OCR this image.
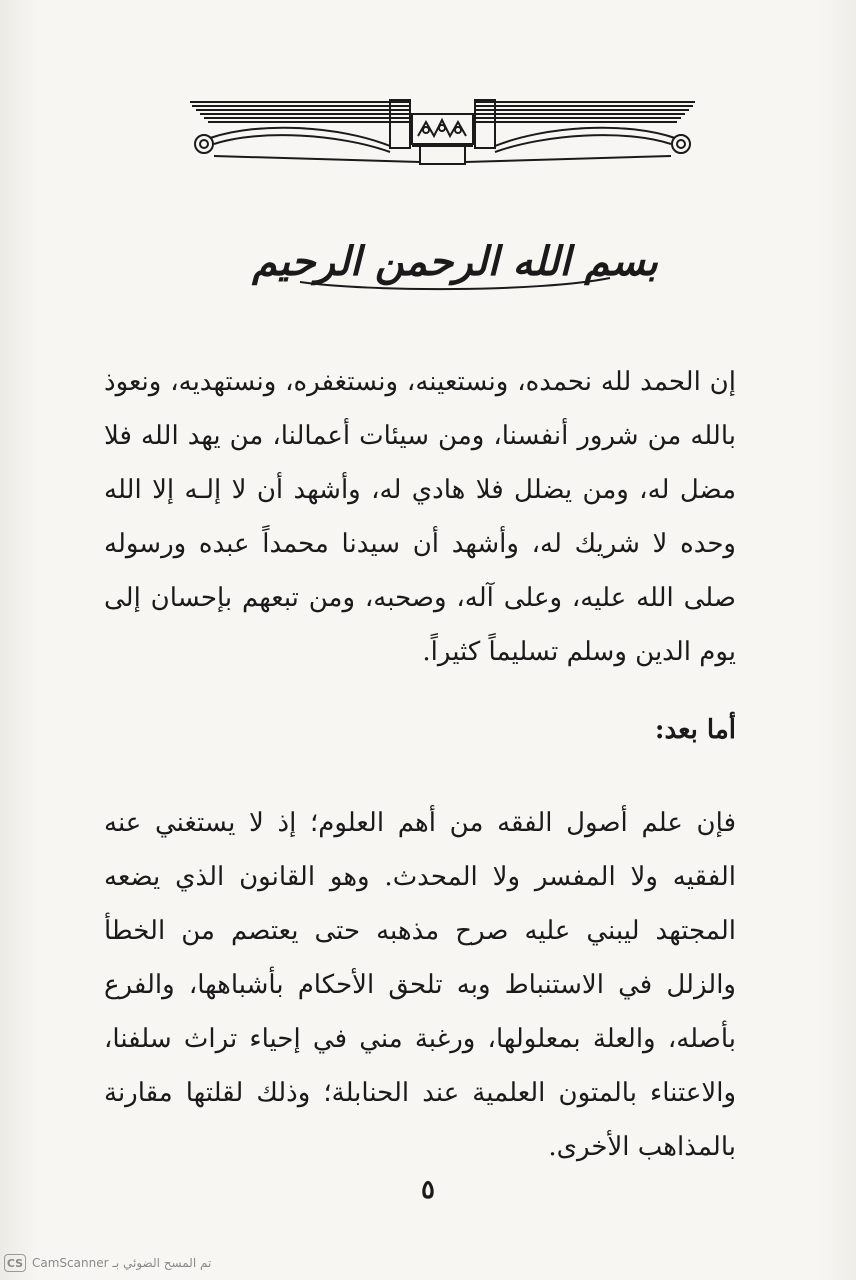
بسم الله الرحمن الرحيم

إن الحمد لله نحمده، ونستعينه، ونستغفره، ونستهديه، ونعوذ بالله من شرور أنفسنا، ومن سيئات أعمالنا، من يهد الله فلا مضل له، ومن يضلل فلا هادي له، وأشهد أن لا إلـه إلا الله وحده لا شريك له، وأشهد أن سيدنا محمداً عبده ورسوله صلى الله عليه، وعلى آله، وصحبه، ومن تبعهم بإحسان إلى يوم الدين وسلم تسليماً كثيراً.

أما بعد:

فإن علم أصول الفقه من أهم العلوم؛ إذ لا يستغني عنه الفقيه ولا المفسر ولا المحدث. وهو القانون الذي يضعه المجتهد ليبني عليه صرح مذهبه حتى يعتصم من الخطأ والزلل في الاستنباط وبه تلحق الأحكام بأشباهها، والفرع بأصله، والعلة بمعلولها، ورغبة مني في إحياء تراث سلفنا، والاعتناء بالمتون العلمية عند الحنابلة؛ وذلك لقلتها مقارنة بالمذاهب الأخرى.

٥
CS تم المسح الضوئي بـ CamScanner
